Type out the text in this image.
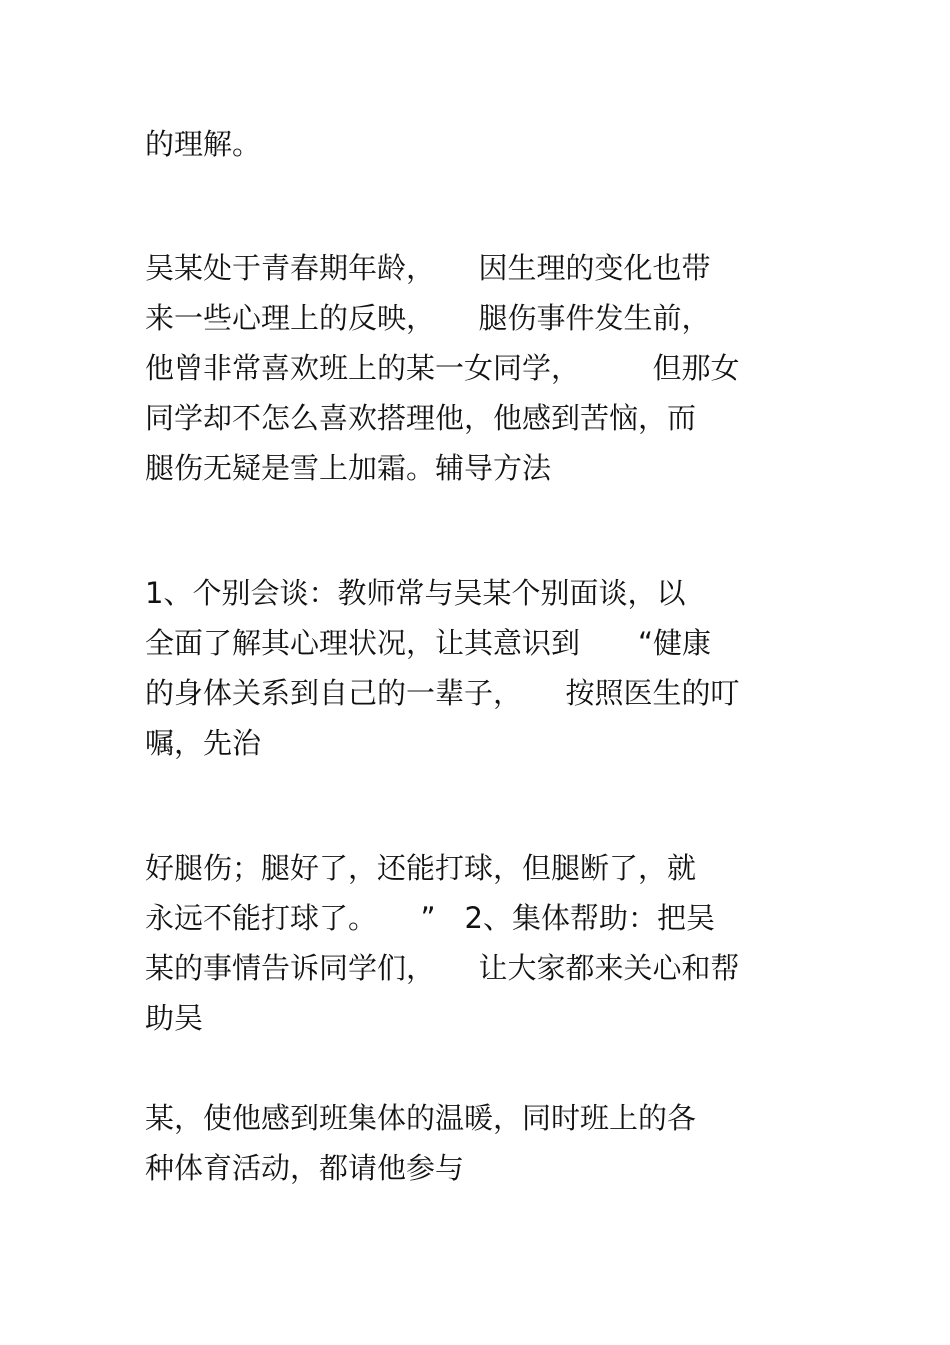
的理解。

吴某处于青春期年龄，　　因生理的变化也带

来一些心理上的反映，　　腿伤事件发生前，

他曾非常喜欢班上的某一女同学，　　　但那女

同学却不怎么喜欢搭理他，他感到苦恼，而

腿伤无疑是雪上加霜。辅导方法

1、个别会谈：教师常与吴某个别面谈，以

全面了解其心理状况，让其意识到　　“健康

的身体关系到自己的一辈子，　　按照医生的叮

嘱，先治

好腿伤；腿好了，还能打球，但腿断了，就

永远不能打球了。　　”　2、集体帮助：把吴

某的事情告诉同学们，　　让大家都来关心和帮

助吴

某，使他感到班集体的温暖，同时班上的各

种体育活动，都请他参与
